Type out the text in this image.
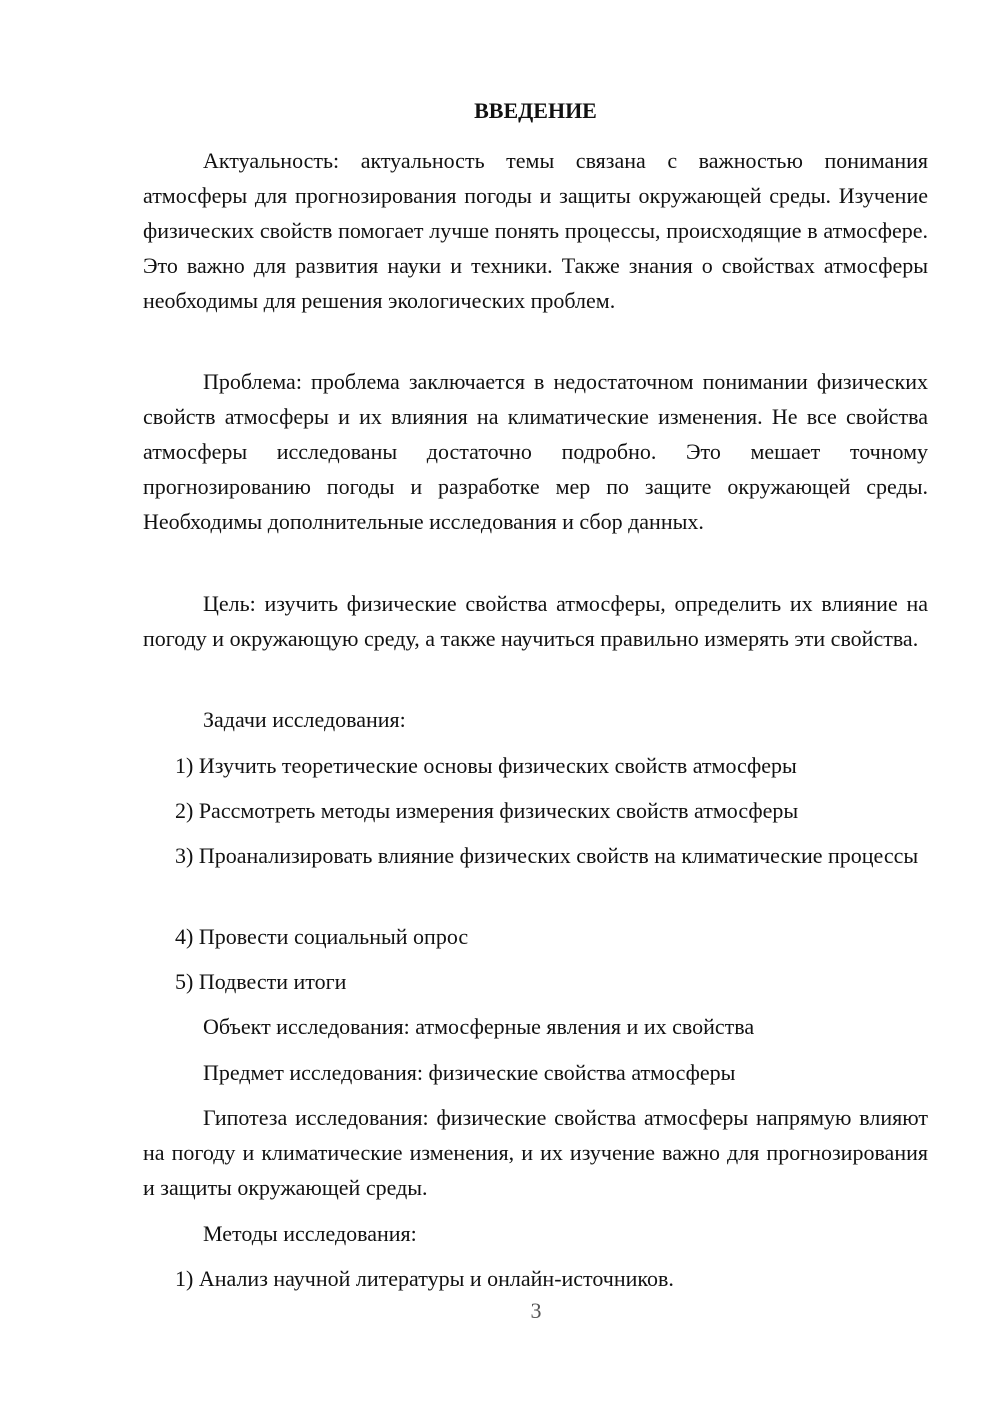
ВВЕДЕНИЕ

Актуальность: актуальность темы связана с важностью понимания атмосферы для прогнозирования погоды и защиты окружающей среды. Изучение физических свойств помогает лучше понять процессы, происходящие в атмосфере. Это важно для развития науки и техники. Также знания о свойствах атмосферы необходимы для решения экологических проблем.

Проблема: проблема заключается в недостаточном понимании физических свойств атмосферы и их влияния на климатические изменения. Не все свойства атмосферы исследованы достаточно подробно. Это мешает точному прогнозированию погоды и разработке мер по защите окружающей среды. Необходимы дополнительные исследования и сбор данных.

Цель: изучить физические свойства атмосферы, определить их влияние на погоду и окружающую среду, а также научиться правильно измерять эти свойства.

Задачи исследования:

1) Изучить теоретические основы физических свойств атмосферы

2) Рассмотреть методы измерения физических свойств атмосферы

3) Проанализировать влияние физических свойств на климатические процессы

4) Провести социальный опрос

5) Подвести итоги

Объект исследования: атмосферные явления и их свойства

Предмет исследования: физические свойства атмосферы

Гипотеза исследования: физические свойства атмосферы напрямую влияют на погоду и климатические изменения, и их изучение важно для прогнозирования и защиты окружающей среды.

Методы исследования:

1) Анализ научной литературы и онлайн-источников.

3
